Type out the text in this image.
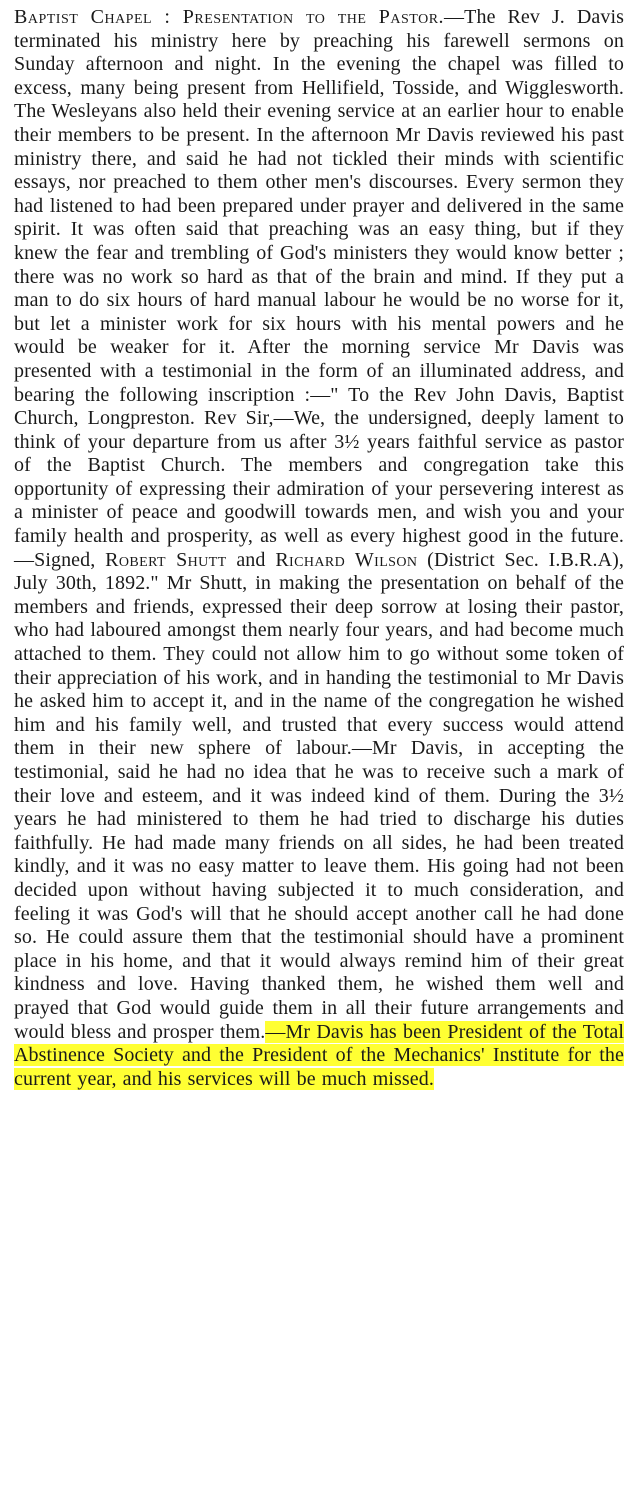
Baptist Chapel : Presentation to the Pastor.—The Rev J. Davis terminated his ministry here by preaching his farewell sermons on Sunday afternoon and night. In the evening the chapel was filled to excess, many being present from Hellifield, Tosside, and Wigglesworth. The Wesleyans also held their evening service at an earlier hour to enable their members to be present. In the afternoon Mr Davis reviewed his past ministry there, and said he had not tickled their minds with scientific essays, nor preached to them other men's discourses. Every sermon they had listened to had been prepared under prayer and delivered in the same spirit. It was often said that preaching was an easy thing, but if they knew the fear and trembling of God's ministers they would know better ; there was no work so hard as that of the brain and mind. If they put a man to do six hours of hard manual labour he would be no worse for it, but let a minister work for six hours with his mental powers and he would be weaker for it. After the morning service Mr Davis was presented with a testimonial in the form of an illuminated address, and bearing the following inscription :—" To the Rev John Davis, Baptist Church, Longpreston. Rev Sir,—We, the undersigned, deeply lament to think of your departure from us after 3½ years faithful service as pastor of the Baptist Church. The members and congregation take this opportunity of expressing their admiration of your persevering interest as a minister of peace and goodwill towards men, and wish you and your family health and prosperity, as well as every highest good in the future.—Signed, Robert Shutt and Richard Wilson (District Sec. I.B.R.A), July 30th, 1892." Mr Shutt, in making the presentation on behalf of the members and friends, expressed their deep sorrow at losing their pastor, who had laboured amongst them nearly four years, and had become much attached to them. They could not allow him to go without some token of their appreciation of his work, and in handing the testimonial to Mr Davis he asked him to accept it, and in the name of the congregation he wished him and his family well, and trusted that every success would attend them in their new sphere of labour.—Mr Davis, in accepting the testimonial, said he had no idea that he was to receive such a mark of their love and esteem, and it was indeed kind of them. During the 3½ years he had ministered to them he had tried to discharge his duties faithfully. He had made many friends on all sides, he had been treated kindly, and it was no easy matter to leave them. His going had not been decided upon without having subjected it to much consideration, and feeling it was God's will that he should accept another call he had done so. He could assure them that the testimonial should have a prominent place in his home, and that it would always remind him of their great kindness and love. Having thanked them, he wished them well and prayed that God would guide them in all their future arrangements and would bless and prosper them.—Mr Davis has been President of the Total Abstinence Society and the President of the Mechanics' Institute for the current year, and his services will be much missed.
